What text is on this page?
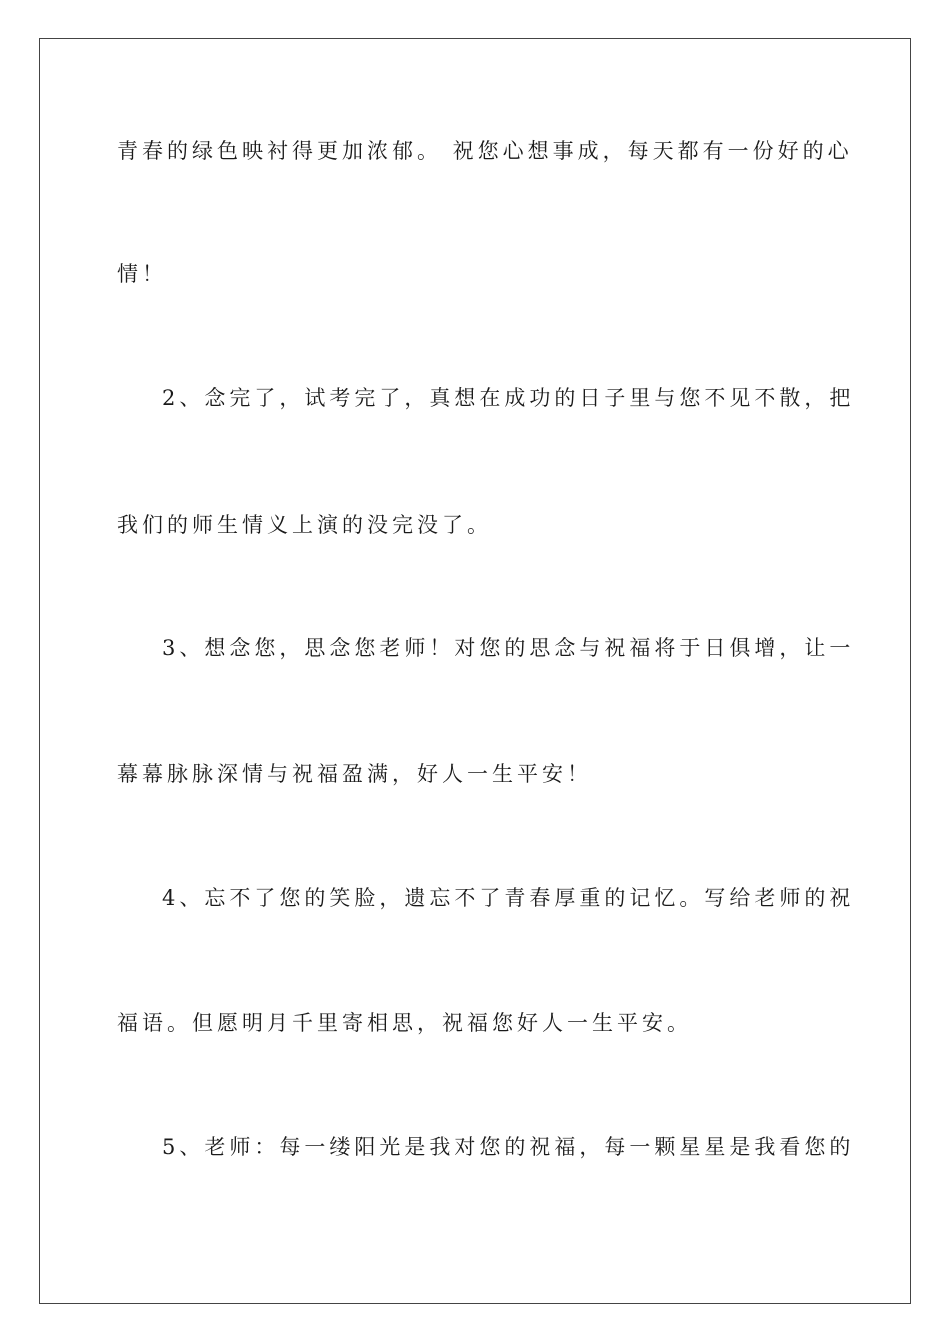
青春的绿色映衬得更加浓郁。 祝您心想事成，每天都有一份好的心
情！
2、念完了，试考完了，真想在成功的日子里与您不见不散，把
我们的师生情义上演的没完没了。
3、想念您，思念您老师！对您的思念与祝福将于日俱增，让一
幕幕脉脉深情与祝福盈满，好人一生平安！
4、忘不了您的笑脸，遗忘不了青春厚重的记忆。写给老师的祝
福语。但愿明月千里寄相思，祝福您好人一生平安。
5、老师：每一缕阳光是我对您的祝福，每一颗星星是我看您的
